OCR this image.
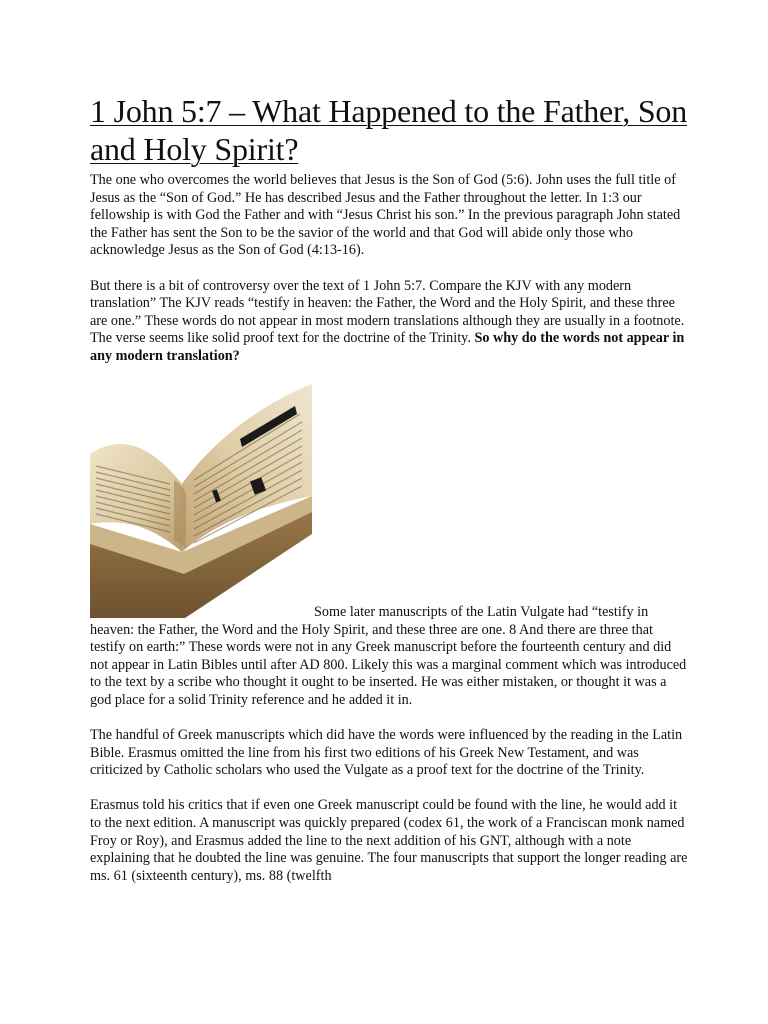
1 John 5:7 – What Happened to the Father, Son and Holy Spirit?

The one who overcomes the world believes that Jesus is the Son of God (5:6). John uses the full title of Jesus as the “Son of God.” He has described Jesus and the Father throughout the letter. In 1:3 our fellowship is with God the Father and with “Jesus Christ his son.” In the previous paragraph John stated the Father has sent the Son to be the savior of the world and that God will abide only those who acknowledge Jesus as the Son of God (4:13-16).

But there is a bit of controversy over the text of 1 John 5:7. Compare the KJV with any modern translation” The KJV reads “testify in heaven: the Father, the Word and the Holy Spirit, and these three are one.” These words do not appear in most modern translations although they are usually in a footnote. The verse seems like solid proof text for the doctrine of the Trinity. So why do the words not appear in any modern translation?

Some later manuscripts of the Latin Vulgate had “testify in

heaven: the Father, the Word and the Holy Spirit, and these three are one. 8 And there are three that testify on earth:” These words were not in any Greek manuscript before the fourteenth century and did not appear in Latin Bibles until after AD 800. Likely this was a marginal comment which was introduced to the text by a scribe who thought it ought to be inserted. He was either mistaken, or thought it was a god place for a solid Trinity reference and he added it in.

The handful of Greek manuscripts which did have the words were influenced by the reading in the Latin Bible. Erasmus omitted the line from his first two editions of his Greek New Testament, and was criticized by Catholic scholars who used the Vulgate as a proof text for the doctrine of the Trinity.

Erasmus told his critics that if even one Greek manuscript could be found with the line, he would add it to the next edition. A manuscript was quickly prepared (codex 61, the work of a Franciscan monk named Froy or Roy), and Erasmus added the line to the next addition of his GNT, although with a note explaining that he doubted the line was genuine. The four manuscripts that support the longer reading are ms. 61 (sixteenth century), ms. 88 (twelfth
